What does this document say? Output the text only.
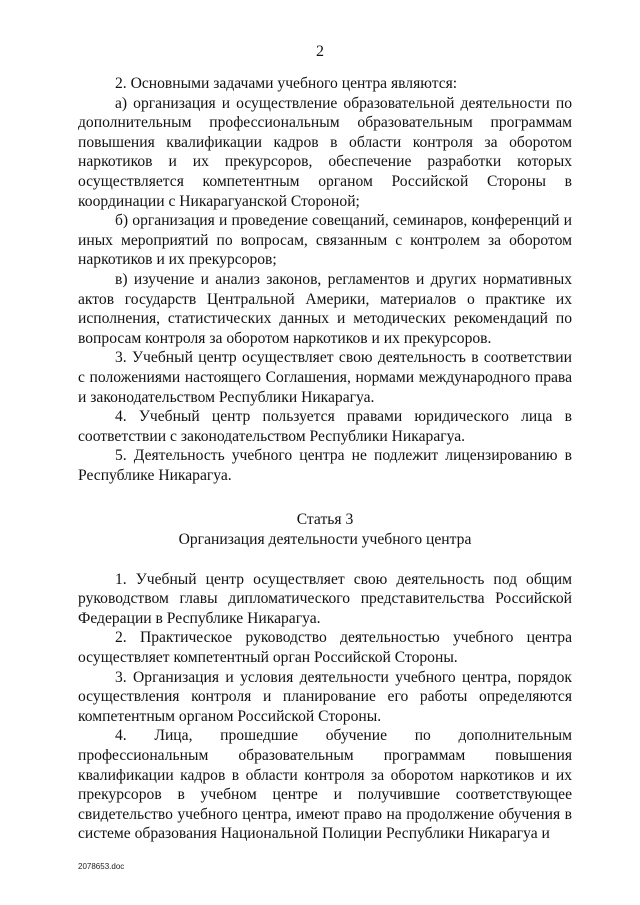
2

2. Основными задачами учебного центра являются:

а) организация и осуществление образовательной деятельности по дополнительным профессиональным образовательным программам повышения квалификации кадров в области контроля за оборотом наркотиков и их прекурсоров, обеспечение разработки которых осуществляется компетентным органом Российской Стороны в координации с Никарагуанской Стороной;

б) организация и проведение совещаний, семинаров, конференций и иных мероприятий по вопросам, связанным с контролем за оборотом наркотиков и их прекурсоров;

в) изучение и анализ законов, регламентов и других нормативных актов государств Центральной Америки, материалов о практике их исполнения, статистических данных и методических рекомендаций по вопросам контроля за оборотом наркотиков и их прекурсоров.

3. Учебный центр осуществляет свою деятельность в соответствии с положениями настоящего Соглашения, нормами международного права и законодательством Республики Никарагуа.

4. Учебный центр пользуется правами юридического лица в соответствии с законодательством Республики Никарагуа.

5. Деятельность учебного центра не подлежит лицензированию в Республике Никарагуа.

Статья 3

Организация деятельности учебного центра

1. Учебный центр осуществляет свою деятельность под общим руководством главы дипломатического представительства Российской Федерации в Республике Никарагуа.

2. Практическое руководство деятельностью учебного центра осуществляет компетентный орган Российской Стороны.

3. Организация и условия деятельности учебного центра, порядок осуществления контроля и планирование его работы определяются компетентным органом Российской Стороны.

4. Лица, прошедшие обучение по дополнительным профессиональным образовательным программам повышения квалификации кадров в области контроля за оборотом наркотиков и их прекурсоров в учебном центре и получившие соответствующее свидетельство учебного центра, имеют право на продолжение обучения в системе образования Национальной Полиции Республики Никарагуа и

2078653.doc
